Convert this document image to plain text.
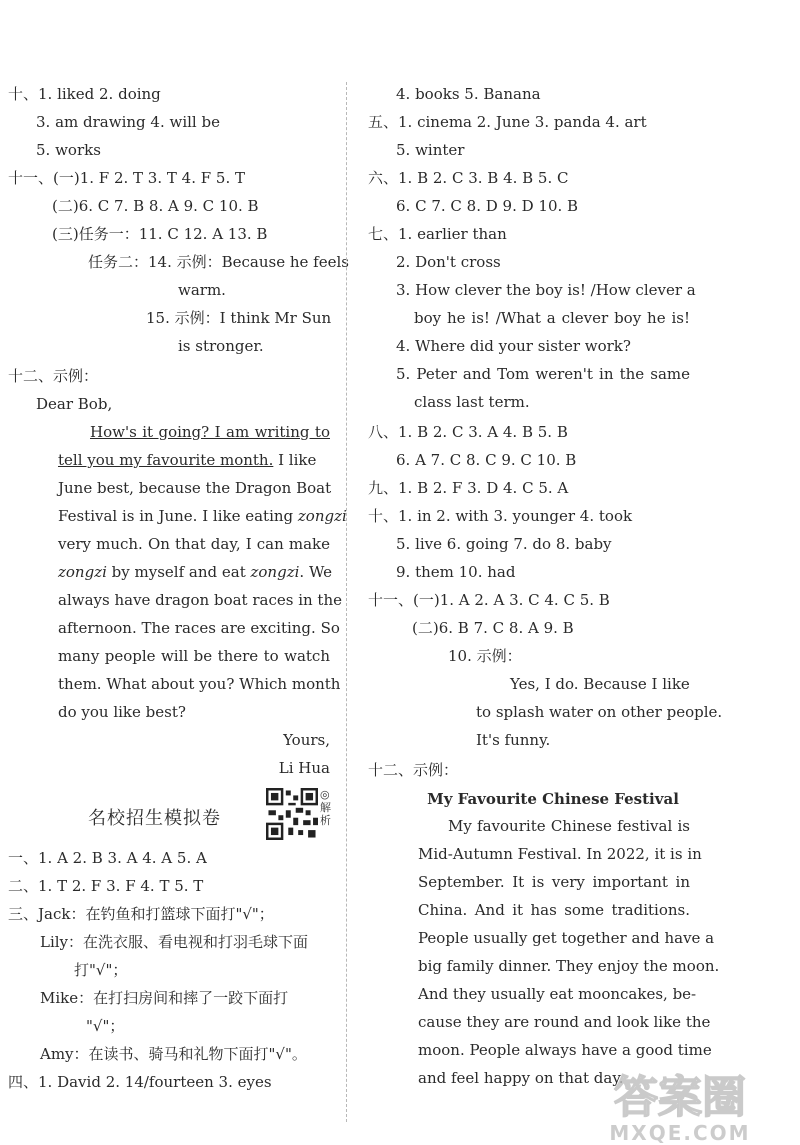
十、1. liked 2. doing
3. am drawing 4. will be
5. works
十一、(一)1. F 2. T 3. T 4. F 5. T
(二)6. C 7. B 8. A 9. C 10. B
(三)任务一：11. C 12. A 13. B
任务二：14. 示例：Because he feels
warm.
15. 示例：I think Mr Sun
is stronger.
十二、示例：
Dear Bob,
How's it going? I am writing to
tell you my favourite month. I like
June best, because the Dragon Boat
Festival is in June. I like eating zongzi
very much. On that day, I can make
zongzi by myself and eat zongzi. We
always have dragon boat races in the
afternoon. The races are exciting. So
many people will be there to watch
them. What about you? Which month
do you like best?
Yours,
Li Hua
名校招生模拟卷
◎解析
一、1. A 2. B 3. A 4. A 5. A
二、1. T 2. F 3. F 4. T 5. T
三、Jack：在钓鱼和打篮球下面打"√"；
Lily：在洗衣服、看电视和打羽毛球下面
打"√"；
Mike：在打扫房间和摔了一跤下面打
"√"；
Amy：在读书、骑马和礼物下面打"√"。
四、1. David 2. 14/fourteen 3. eyes
4. books 5. Banana
五、1. cinema 2. June 3. panda 4. art
5. winter
六、1. B 2. C 3. B 4. B 5. C
6. C 7. C 8. D 9. D 10. B
七、1. earlier than
2. Don't cross
3. How clever the boy is! /How clever a
boy he is! /What a clever boy he is!
4. Where did your sister work?
5. Peter and Tom weren't in the same
class last term.
八、1. B 2. C 3. A 4. B 5. B
6. A 7. C 8. C 9. C 10. B
九、1. B 2. F 3. D 4. C 5. A
十、1. in 2. with 3. younger 4. took
5. live 6. going 7. do 8. baby
9. them 10. had
十一、(一)1. A 2. A 3. C 4. C 5. B
(二)6. B 7. C 8. A 9. B
10. 示例：
Yes, I do. Because I like
to splash water on other people.
It's funny.
十二、示例：
My Favourite Chinese Festival
My favourite Chinese festival is
Mid-Autumn Festival. In 2022, it is in
September. It is very important in
China. And it has some traditions.
People usually get together and have a
big family dinner. They enjoy the moon.
And they usually eat mooncakes, be-
cause they are round and look like the
moon. People always have a good time
and feel happy on that day.
答案圈
MXQE.COM
